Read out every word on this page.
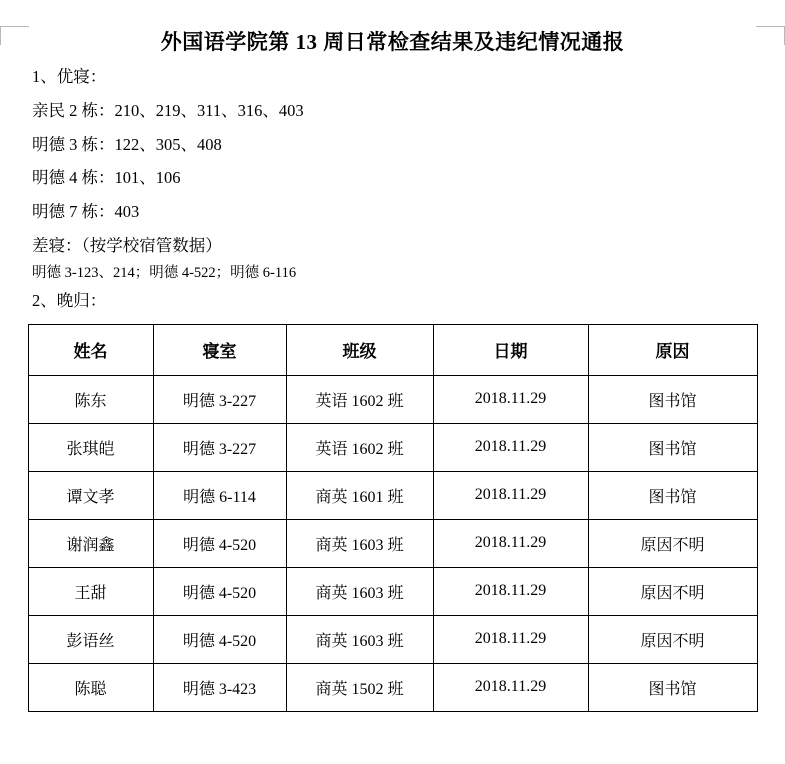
外国语学院第 13 周日常检查结果及违纪情况通报
1、优寝：
亲民 2 栋：210、219、311、316、403
明德 3 栋：122、305、408
明德 4 栋：101、106
明德 7 栋：403
差寝：（按学校宿管数据）
明德 3-123、214；明德 4-522；明德 6-116
2、晚归：
姓名	寝室	班级	日期	原因
陈东	明德 3-227	英语 1602 班	2018.11.29	图书馆
张琪皑	明德 3-227	英语 1602 班	2018.11.29	图书馆
谭文孝	明德 6-114	商英 1601 班	2018.11.29	图书馆
谢润鑫	明德 4-520	商英 1603 班	2018.11.29	原因不明
王甜	明德 4-520	商英 1603 班	2018.11.29	原因不明
彭语丝	明德 4-520	商英 1603 班	2018.11.29	原因不明
陈聪	明德 3-423	商英 1502 班	2018.11.29	图书馆
